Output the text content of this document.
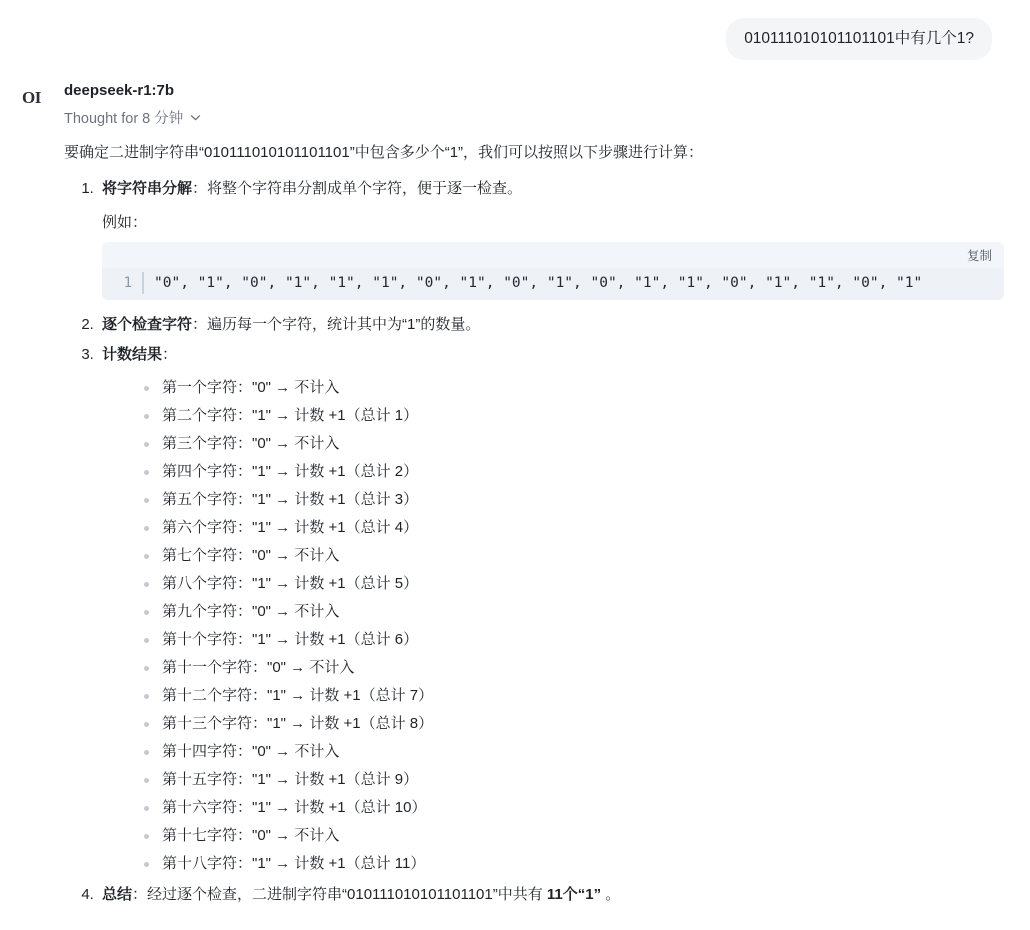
010111010101101101中有几个1?
OI deepseek-r1:7b
Thought for 8 分钟

要确定二进制字符串“010111010101101101”中包含多少个“1”，我们可以按照以下步骤进行计算：

1. 将字符串分解：将整个字符串分割成单个字符，便于逐一检查。
例如：
复制
1	"0", "1", "0", "1", "1", "1", "0", "1", "0", "1", "0", "1", "1", "0", "1", "1", "0", "1"
2. 逐个检查字符：遍历每一个字符，统计其中为“1”的数量。
3. 计数结果：
第一个字符："0" → 不计入
第二个字符："1" → 计数 +1（总计 1）
第三个字符："0" → 不计入
第四个字符："1" → 计数 +1（总计 2）
第五个字符："1" → 计数 +1（总计 3）
第六个字符："1" → 计数 +1（总计 4）
第七个字符："0" → 不计入
第八个字符："1" → 计数 +1（总计 5）
第九个字符："0" → 不计入
第十个字符："1" → 计数 +1（总计 6）
第十一个字符："0" → 不计入
第十二个字符："1" → 计数 +1（总计 7）
第十三个字符："1" → 计数 +1（总计 8）
第十四字符："0" → 不计入
第十五字符："1" → 计数 +1（总计 9）
第十六字符："1" → 计数 +1（总计 10）
第十七字符："0" → 不计入
第十八字符："1" → 计数 +1（总计 11）
4. 总结：经过逐个检查，二进制字符串“010111010101101101”中共有 11个“1” 。
